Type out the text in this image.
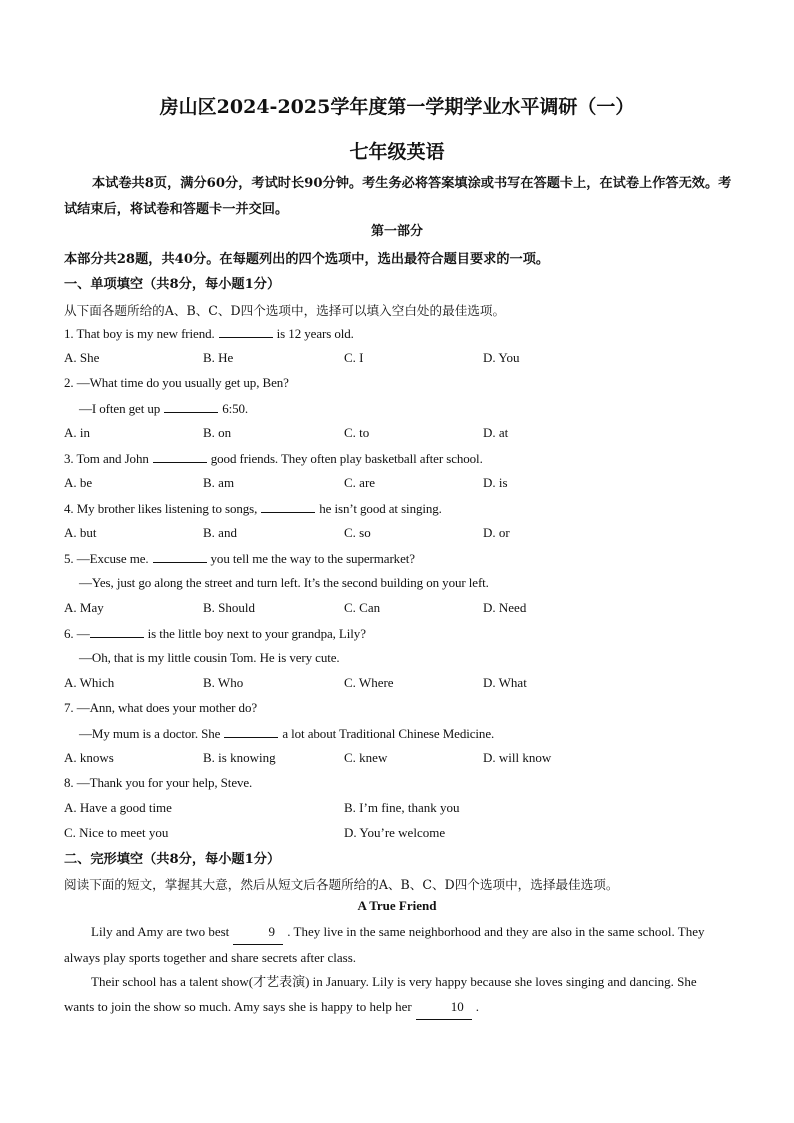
房山区2024-2025学年度第一学期学业水平调研（一）
七年级英语
本试卷共8页，满分60分，考试时长90分钟。考生务必将答案填涂或书写在答题卡上，在试卷上作答无效。考试结束后，将试卷和答题卡一并交回。
第一部分
本部分共28题，共40分。在每题列出的四个选项中，选出最符合题目要求的一项。
一、单项填空（共8分，每小题1分）
从下面各题所给的A、B、C、D四个选项中，选择可以填入空白处的最佳选项。
1. That boy is my new friend.	is 12 years old.
A. She	B. He	C. I	D. You
2. —What time do you usually get up, Ben?
—I often get up	6:50.
A. in	B. on	C. to	D. at
3. Tom and John	good friends. They often play basketball after school.
A. be	B. am	C. are	D. is
4. My brother likes listening to songs,	he isn’t good at singing.
A. but	B. and	C. so	D. or
5. —Excuse me.	you tell me the way to the supermarket?
—Yes, just go along the street and turn left. It’s the second building on your left.
A. May	B. Should	C. Can	D. Need
6. —	is the little boy next to your grandpa, Lily?
—Oh, that is my little cousin Tom. He is very cute.
A. Which	B. Who	C. Where	D. What
7. —Ann, what does your mother do?
—My mum is a doctor. She	a lot about Traditional Chinese Medicine.
A. knows	B. is knowing	C. knew	D. will know
8. —Thank you for your help, Steve.
A. Have a good time	B. I’m fine, thank you
C. Nice to meet you	D. You’re welcome
二、完形填空（共8分，每小题1分）
阅读下面的短文，掌握其大意，然后从短文后各题所给的A、B、C、D四个选项中，选择最佳选项。
A True Friend
Lily and Amy are two best	9 . They live in the same neighborhood and they are also in the same school. They always play sports together and share secrets after class.
Their school has a talent show(才艺表演) in January. Lily is very happy because she loves singing and dancing. She wants to join the show so much. Amy says she is happy to help her	10 .
